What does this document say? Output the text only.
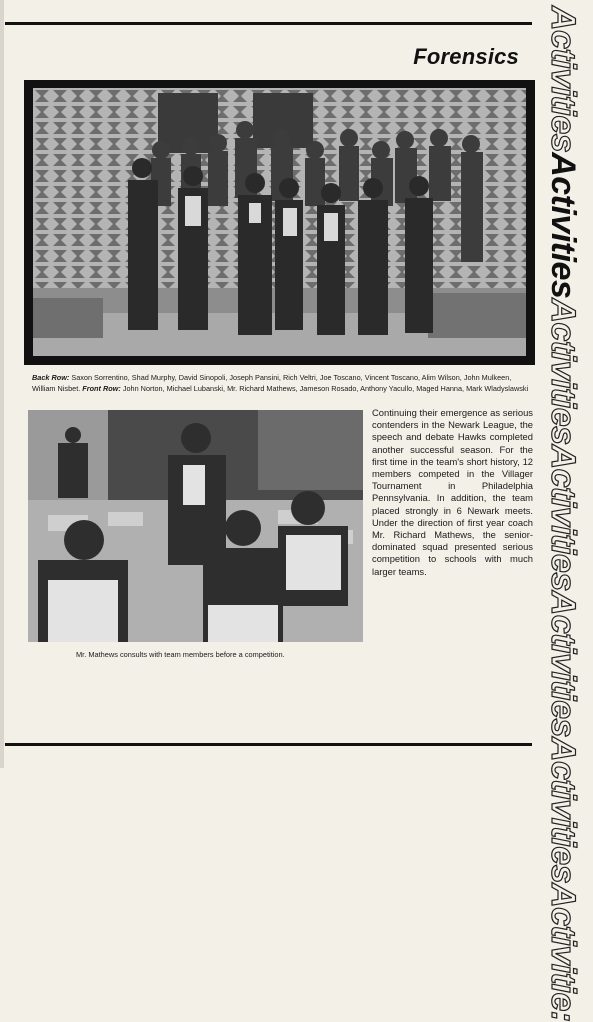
Forensics ActivitiesActivitiesActivitiesActivitiesActivitiesActivitiesActivitie:
Back Row: Saxon Sorrentino, Shad Murphy, David Sinopoli, Joseph Pansini, Rich Veltri, Joe Toscano, Vincent Toscano, Alim Wilson, John Mulkeen, William Nisbet. Front Row: John Norton, Michael Lubanski, Mr. Richard Mathews, Jameson Rosado, Anthony Yacullo, Maged Hanna, Mark Wladyslawski
Continuing their emergence as serious contenders in the Newark League, the speech and debate Hawks completed another successful season. For the first time in the team's short history, 12 members competed in the Villager Tournament in Philadelphia Pennsylvania. In addition, the team placed strongly in 6 Newark meets. Under the direction of first year coach Mr. Richard Mathews, the senior-dominated squad presented serious competition to schools with much larger teams.
Mr. Mathews consults with team members before a competition.
